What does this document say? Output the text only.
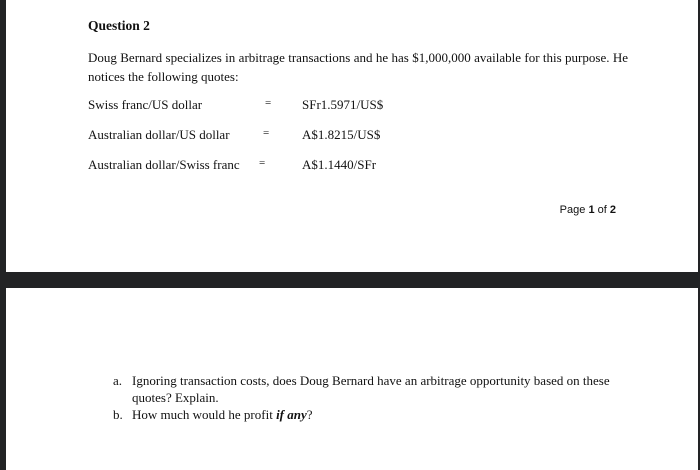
Question 2
Doug Bernard specializes in arbitrage transactions and he has $1,000,000 available for this purpose. He notices the following quotes:
Swiss franc/US dollar	= SFr1.5971/US$
Australian dollar/US dollar	=	A$1.8215/US$
Australian dollar/Swiss franc =	A$1.1440/SFr
Page 1 of 2
a. Ignoring transaction costs, does Doug Bernard have an arbitrage opportunity based on these quotes? Explain.
b. How much would he profit if any?
